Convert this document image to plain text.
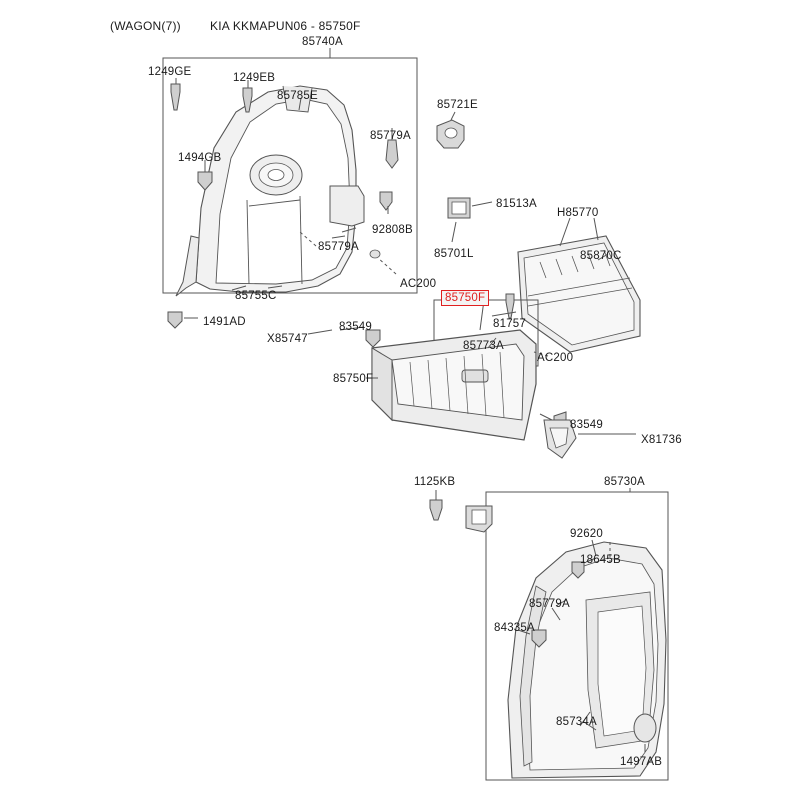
(WAGON(7)) KIA KKMAPUN06 - 85750F
85740A
1249GE	1249EB
85785E
85721E
85779A
1494GB
81513A
H85770
92808B
85870C
85779A
85701L
AC200
85755C	85750F
1491AD
X85747
83549	81757
85773A
AC200
85750F
83549
X81736
1125KB	85730A
92620
18645B
85779A
84335A
85734A
1497AB
